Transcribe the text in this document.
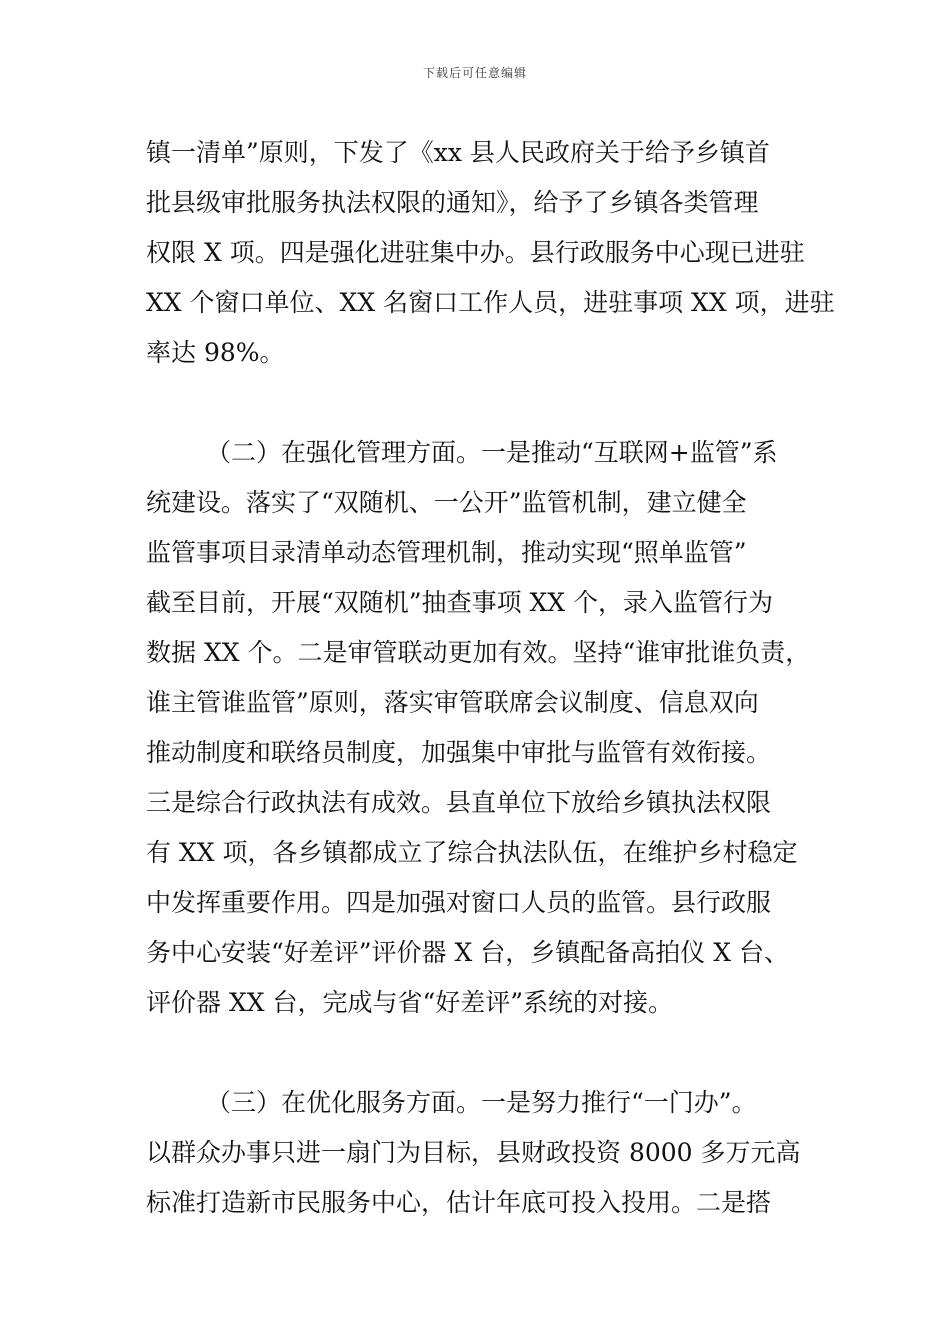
下载后可任意编辑
镇一清单”原则，下发了《xx 县人民政府关于给予乡镇首
批县级审批服务执法权限的通知》，给予了乡镇各类管理
权限 X 项。四是强化进驻集中办。县行政服务中心现已进驻
XX 个窗口单位、XX 名窗口工作人员，进驻事项 XX 项，进驻
率达 98%。
（二）在强化管理方面。一是推动“互联网+监管”系
统建设。落实了“双随机、一公开”监管机制，建立健全
监管事项目录清单动态管理机制，推动实现“照单监管”
截至目前，开展“双随机”抽查事项 XX 个，录入监管行为
数据 XX 个。二是审管联动更加有效。坚持“谁审批谁负责，
谁主管谁监管”原则，落实审管联席会议制度、信息双向
推动制度和联络员制度，加强集中审批与监管有效衔接。
三是综合行政执法有成效。县直单位下放给乡镇执法权限
有 XX 项，各乡镇都成立了综合执法队伍，在维护乡村稳定
中发挥重要作用。四是加强对窗口人员的监管。县行政服
务中心安装“好差评”评价器 X 台，乡镇配备高拍仪 X 台、
评价器 XX 台，完成与省“好差评”系统的对接。
（三）在优化服务方面。一是努力推行“一门办”。
以群众办事只进一扇门为目标，县财政投资 8000 多万元高
标准打造新市民服务中心，估计年底可投入投用。二是搭
